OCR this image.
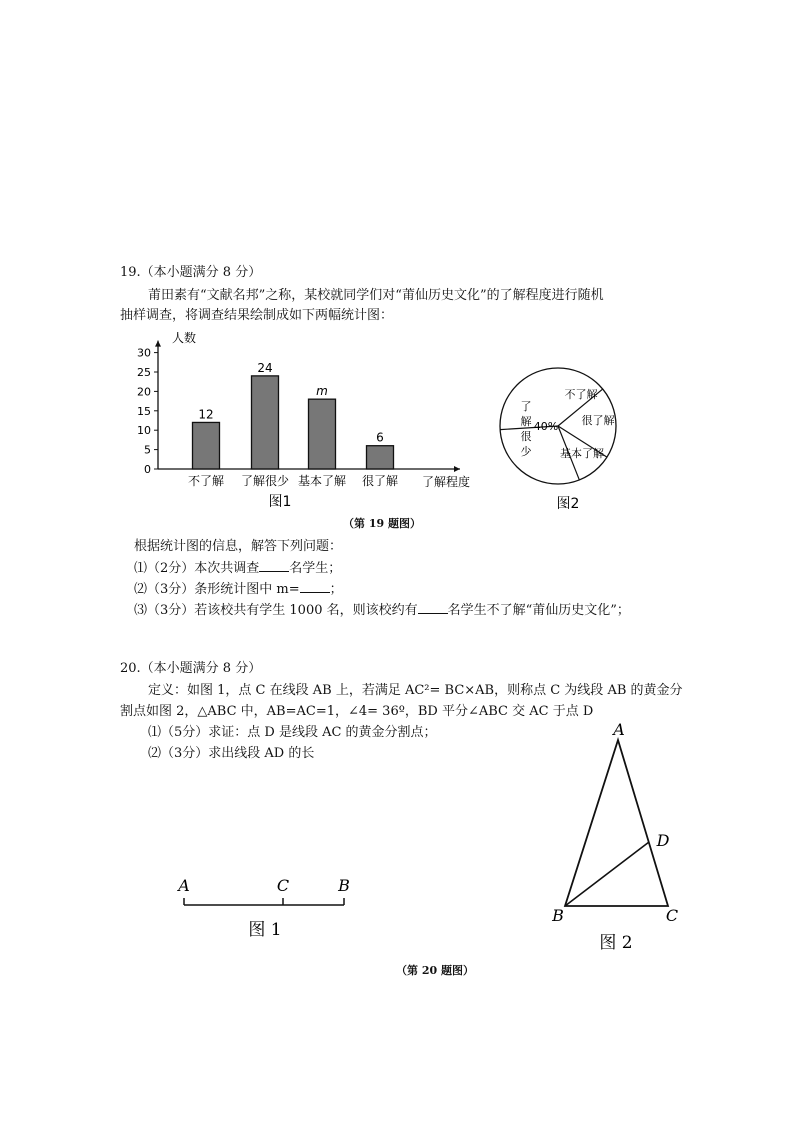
19.（本小题满分 8 分）
莆田素有“文献名邦”之称，某校就同学们对“莆仙历史文化”的了解程度进行随机
抽样调查，将调查结果绘制成如下两幅统计图：
0
5
10
15
20
25
30
12
不了解
24
了解很少
m
基本了解
6
很了解
人数
了解程度
图1
了
解
很
少
40%
不了解
很了解
基本了解
图2
（第 19 题图）
根据统计图的信息，解答下列问题：
⑴（2分）本次共调查 名学生；
⑵（3分）条形统计图中 m= ；
⑶（3分）若该校共有学生 1000 名，则该校约有 名学生不了解“莆仙历史文化”；
20.（本小题满分 8 分）
定义：如图 1，点 C 在线段 AB 上，若满足 AC²= BC×AB，则称点 C 为线段 AB 的黄金分
割点如图 2，△ABC 中，AB=AC=1，∠4= 36º，BD 平分∠ABC 交 AC 于点 D
⑴（5分）求证：点 D 是线段 AC 的黄金分割点；
⑵（3分）求出线段 AD 的长
A	C	B
图 1
A
B	C
D
图 2
（第 20 题图）
